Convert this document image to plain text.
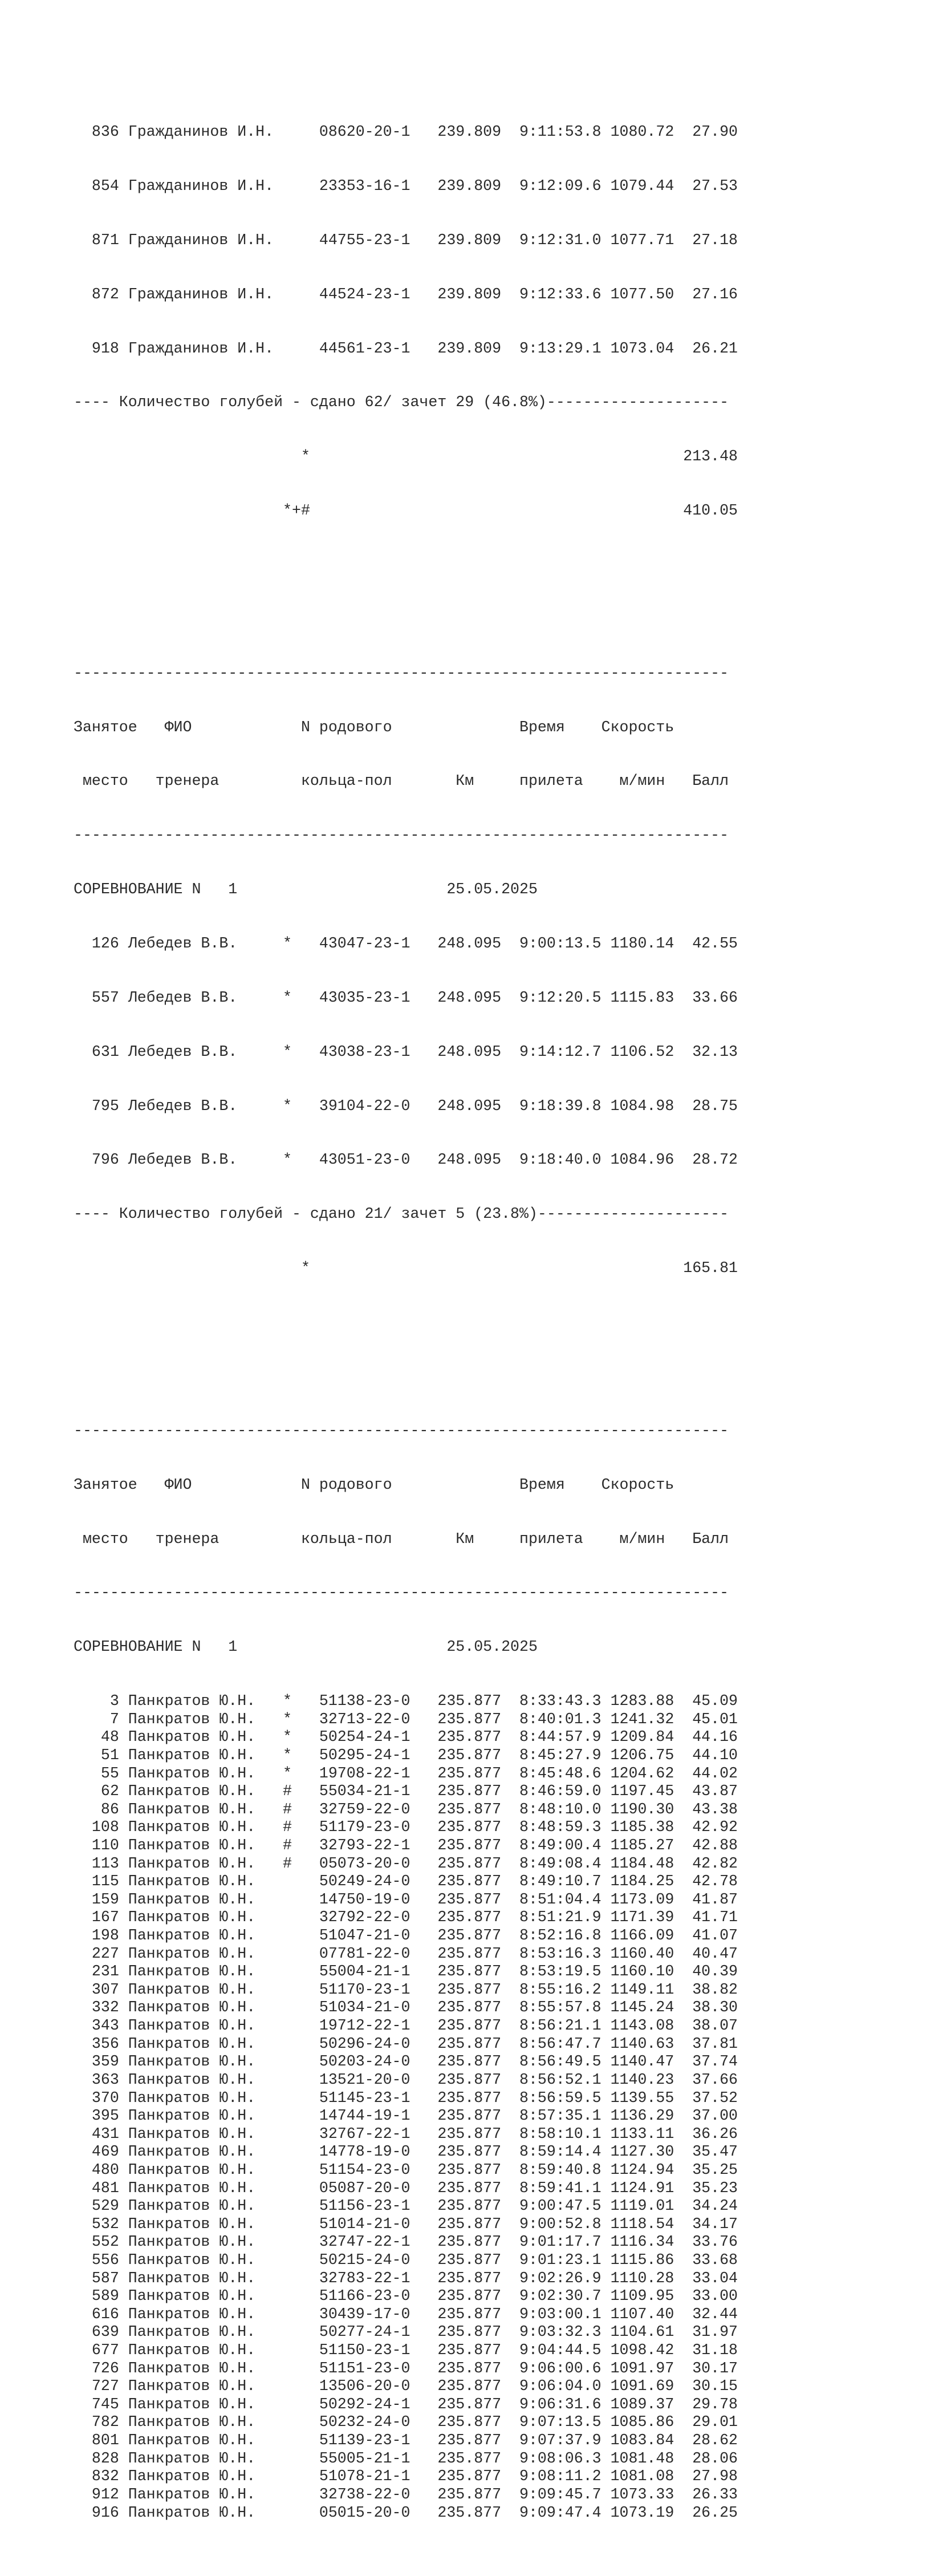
836 Гражданинов И.Н.     08620-20-1   239.809  9:11:53.8 1080.72  27.90

854 Гражданинов И.Н.     23353-16-1   239.809  9:12:09.6 1079.44  27.53

871 Гражданинов И.Н.     44755-23-1   239.809  9:12:31.0 1077.71  27.18

872 Гражданинов И.Н.     44524-23-1   239.809  9:12:33.6 1077.50  27.16

918 Гражданинов И.Н.     44561-23-1   239.809  9:13:29.1 1073.04  26.21

---- Количество голубей - сдано 62/ зачет 29 (46.8%)--------------------

*                                         213.48

*+#                                         410.05

------------------------------------------------------------------------

Занятое   ФИО            N родового              Время    Скорость

место   тренера         кольца-пол       Км     прилета    м/мин   Балл

------------------------------------------------------------------------

СОРЕВНОВАНИЕ N   1                       25.05.2025

126 Лебедев В.В.     *   43047-23-1   248.095  9:00:13.5 1180.14  42.55

557 Лебедев В.В.     *   43035-23-1   248.095  9:12:20.5 1115.83  33.66

631 Лебедев В.В.     *   43038-23-1   248.095  9:14:12.7 1106.52  32.13

795 Лебедев В.В.     *   39104-22-0   248.095  9:18:39.8 1084.98  28.75

796 Лебедев В.В.     *   43051-23-0   248.095  9:18:40.0 1084.96  28.72

---- Количество голубей - сдано 21/ зачет 5 (23.8%)---------------------

*                                         165.81

------------------------------------------------------------------------

Занятое   ФИО            N родового              Время    Скорость

место   тренера         кольца-пол       Км     прилета    м/мин   Балл

------------------------------------------------------------------------

СОРЕВНОВАНИЕ N   1                       25.05.2025

3 Панкратов Ю.Н.   *   51138-23-0   235.877  8:33:43.3 1283.88  45.09
7 Панкратов Ю.Н.   *   32713-22-0   235.877  8:40:01.3 1241.32  45.01
48 Панкратов Ю.Н.   *   50254-24-1   235.877  8:44:57.9 1209.84  44.16
51 Панкратов Ю.Н.   *   50295-24-1   235.877  8:45:27.9 1206.75  44.10
55 Панкратов Ю.Н.   *   19708-22-1   235.877  8:45:48.6 1204.62  44.02
62 Панкратов Ю.Н.   #   55034-21-1   235.877  8:46:59.0 1197.45  43.87
86 Панкратов Ю.Н.   #   32759-22-0   235.877  8:48:10.0 1190.30  43.38
108 Панкратов Ю.Н.   #   51179-23-0   235.877  8:48:59.3 1185.38  42.92
110 Панкратов Ю.Н.   #   32793-22-1   235.877  8:49:00.4 1185.27  42.88
113 Панкратов Ю.Н.   #   05073-20-0   235.877  8:49:08.4 1184.48  42.82
115 Панкратов Ю.Н.       50249-24-0   235.877  8:49:10.7 1184.25  42.78
159 Панкратов Ю.Н.       14750-19-0   235.877  8:51:04.4 1173.09  41.87
167 Панкратов Ю.Н.       32792-22-0   235.877  8:51:21.9 1171.39  41.71
198 Панкратов Ю.Н.       51047-21-0   235.877  8:52:16.8 1166.09  41.07
227 Панкратов Ю.Н.       07781-22-0   235.877  8:53:16.3 1160.40  40.47
231 Панкратов Ю.Н.       55004-21-1   235.877  8:53:19.5 1160.10  40.39
307 Панкратов Ю.Н.       51170-23-1   235.877  8:55:16.2 1149.11  38.82
332 Панкратов Ю.Н.       51034-21-0   235.877  8:55:57.8 1145.24  38.30
343 Панкратов Ю.Н.       19712-22-1   235.877  8:56:21.1 1143.08  38.07
356 Панкратов Ю.Н.       50296-24-0   235.877  8:56:47.7 1140.63  37.81
359 Панкратов Ю.Н.       50203-24-0   235.877  8:56:49.5 1140.47  37.74
363 Панкратов Ю.Н.       13521-20-0   235.877  8:56:52.1 1140.23  37.66
370 Панкратов Ю.Н.       51145-23-1   235.877  8:56:59.5 1139.55  37.52
395 Панкратов Ю.Н.       14744-19-1   235.877  8:57:35.1 1136.29  37.00
431 Панкратов Ю.Н.       32767-22-1   235.877  8:58:10.1 1133.11  36.26
469 Панкратов Ю.Н.       14778-19-0   235.877  8:59:14.4 1127.30  35.47
480 Панкратов Ю.Н.       51154-23-0   235.877  8:59:40.8 1124.94  35.25
481 Панкратов Ю.Н.       05087-20-0   235.877  8:59:41.1 1124.91  35.23
529 Панкратов Ю.Н.       51156-23-1   235.877  9:00:47.5 1119.01  34.24
532 Панкратов Ю.Н.       51014-21-0   235.877  9:00:52.8 1118.54  34.17
552 Панкратов Ю.Н.       32747-22-1   235.877  9:01:17.7 1116.34  33.76
556 Панкратов Ю.Н.       50215-24-0   235.877  9:01:23.1 1115.86  33.68
587 Панкратов Ю.Н.       32783-22-1   235.877  9:02:26.9 1110.28  33.04
589 Панкратов Ю.Н.       51166-23-0   235.877  9:02:30.7 1109.95  33.00
616 Панкратов Ю.Н.       30439-17-0   235.877  9:03:00.1 1107.40  32.44
639 Панкратов Ю.Н.       50277-24-1   235.877  9:03:32.3 1104.61  31.97
677 Панкратов Ю.Н.       51150-23-1   235.877  9:04:44.5 1098.42  31.18
726 Панкратов Ю.Н.       51151-23-0   235.877  9:06:00.6 1091.97  30.17
727 Панкратов Ю.Н.       13506-20-0   235.877  9:06:04.0 1091.69  30.15
745 Панкратов Ю.Н.       50292-24-1   235.877  9:06:31.6 1089.37  29.78
782 Панкратов Ю.Н.       50232-24-0   235.877  9:07:13.5 1085.86  29.01
801 Панкратов Ю.Н.       51139-23-1   235.877  9:07:37.9 1083.84  28.62
828 Панкратов Ю.Н.       55005-21-1   235.877  9:08:06.3 1081.48  28.06
832 Панкратов Ю.Н.       51078-21-1   235.877  9:08:11.2 1081.08  27.98
912 Панкратов Ю.Н.       32738-22-0   235.877  9:09:45.7 1073.33  26.33
916 Панкратов Ю.Н.       05015-20-0   235.877  9:09:47.4 1073.19  26.25
